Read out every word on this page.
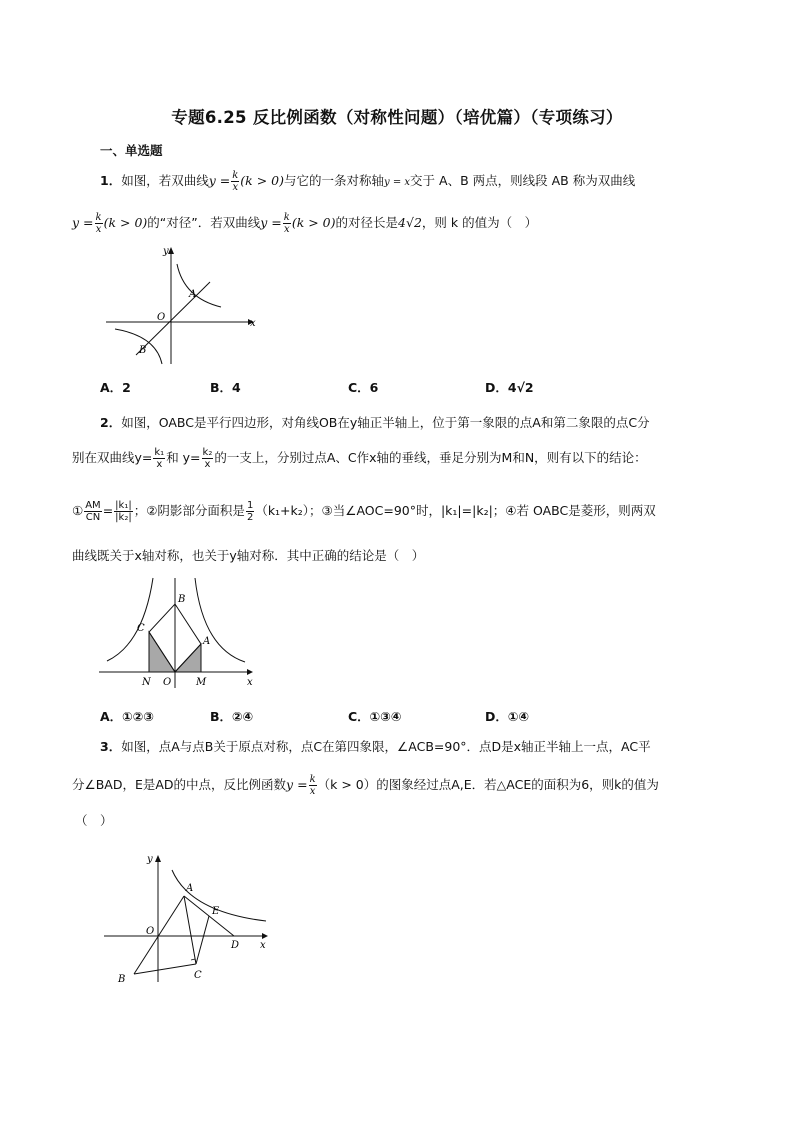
专题6.25 反比例函数（对称性问题）（培优篇）（专项练习）
一、单选题
1．如图，若双曲线$y = \frac{k}{x} (k > 0)$与它的一条对称轴y = x交于 A、B 两点，则线段 AB 称为双曲线
$y = \frac{k}{x} (k > 0)$的“对径”．若双曲线$y = \frac{k}{x} (k > 0)$的对径长是4√2，则 k 的值为（　）
A
B
O
x
y
A．2	B．4	C．6	D．4√2
2．如图，OABC是平行四边形，对角线OB在y轴正半轴上，位于第一象限的点A和第二象限的点C分
别在双曲线$y= \frac{\text{k₁}}{x}$ 和 $y= \frac{\text{k₂}}{x}$ 的一支上，分别过点A、C作x轴的垂线，垂足分别为M和N，则有以下的结论：
① $\frac{AM}{CN} = \frac{\text{|k₁|}}{\text{|k₂|}}$ ；②阴影部分面积是 $\frac{1}{2} (k_1+k_2)$；③当∠AOC=90°时，|k₁|=|k₂|；④若 OABC是菱形，则两双
曲线既关于x轴对称，也关于y轴对称．其中正确的结论是（　）
B
C
A
O
N	M	x
A．①②③	B．②④	C．①③④	D．①④
3．如图，点A与点B关于原点对称，点C在第四象限，∠ACB=90°．点D是x轴正半轴上一点，AC平
分∠BAD，E是AD的中点，反比例函数$y = \frac{k}{x} (k > 0)$的图象经过点A,E．若△ACE的面积为6，则k的值为
（　）
A
E
O
D
C
B
x
y
